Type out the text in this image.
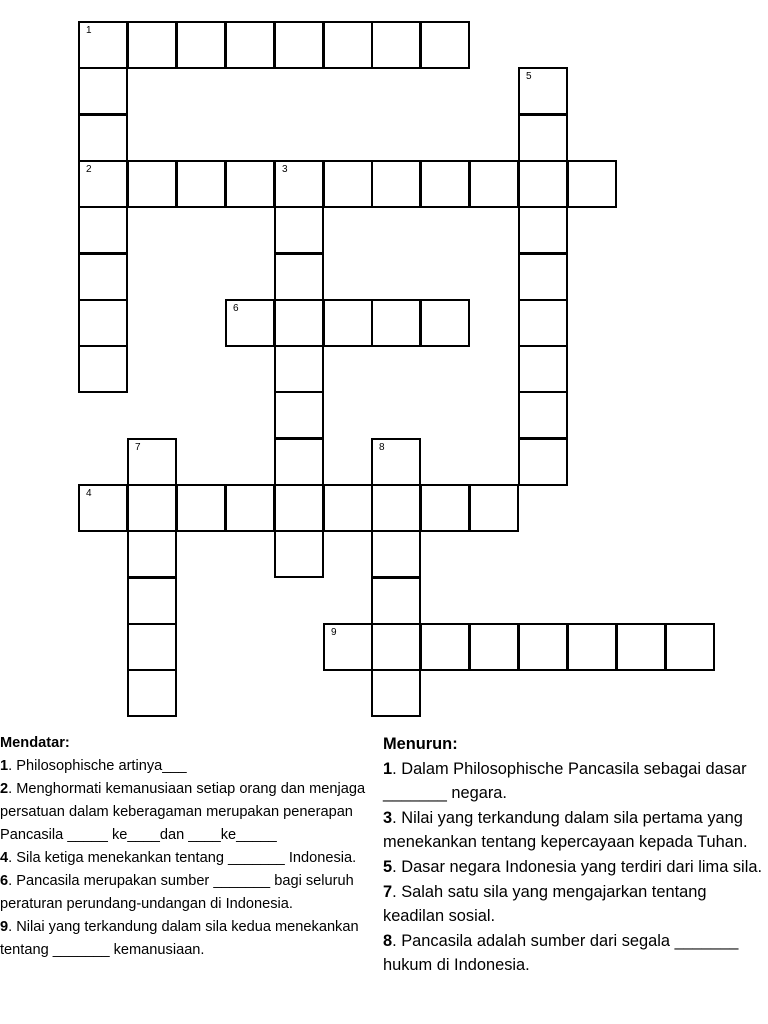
1
5
2	3
6
7	8
4
9
Mendatar:

1. Philosophische artinya___

2. Menghormati kemanusiaan setiap orang dan menjaga persatuan dalam keberagaman merupakan penerapan Pancasila _____ ke____dan ____ke_____

4. Sila ketiga menekankan tentang _______ Indonesia.

6. Pancasila merupakan sumber _______ bagi seluruh peraturan perundang-undangan di Indonesia.

9. Nilai yang terkandung dalam sila kedua menekankan tentang _______ kemanusiaan.

Menurun:

1. Dalam Philosophische Pancasila sebagai dasar _______ negara.

3. Nilai yang terkandung dalam sila pertama yang menekankan tentang kepercayaan kepada Tuhan.

5. Dasar negara Indonesia yang terdiri dari lima sila.

7. Salah satu sila yang mengajarkan tentang keadilan sosial.

8. Pancasila adalah sumber dari segala _______ hukum di Indonesia.
